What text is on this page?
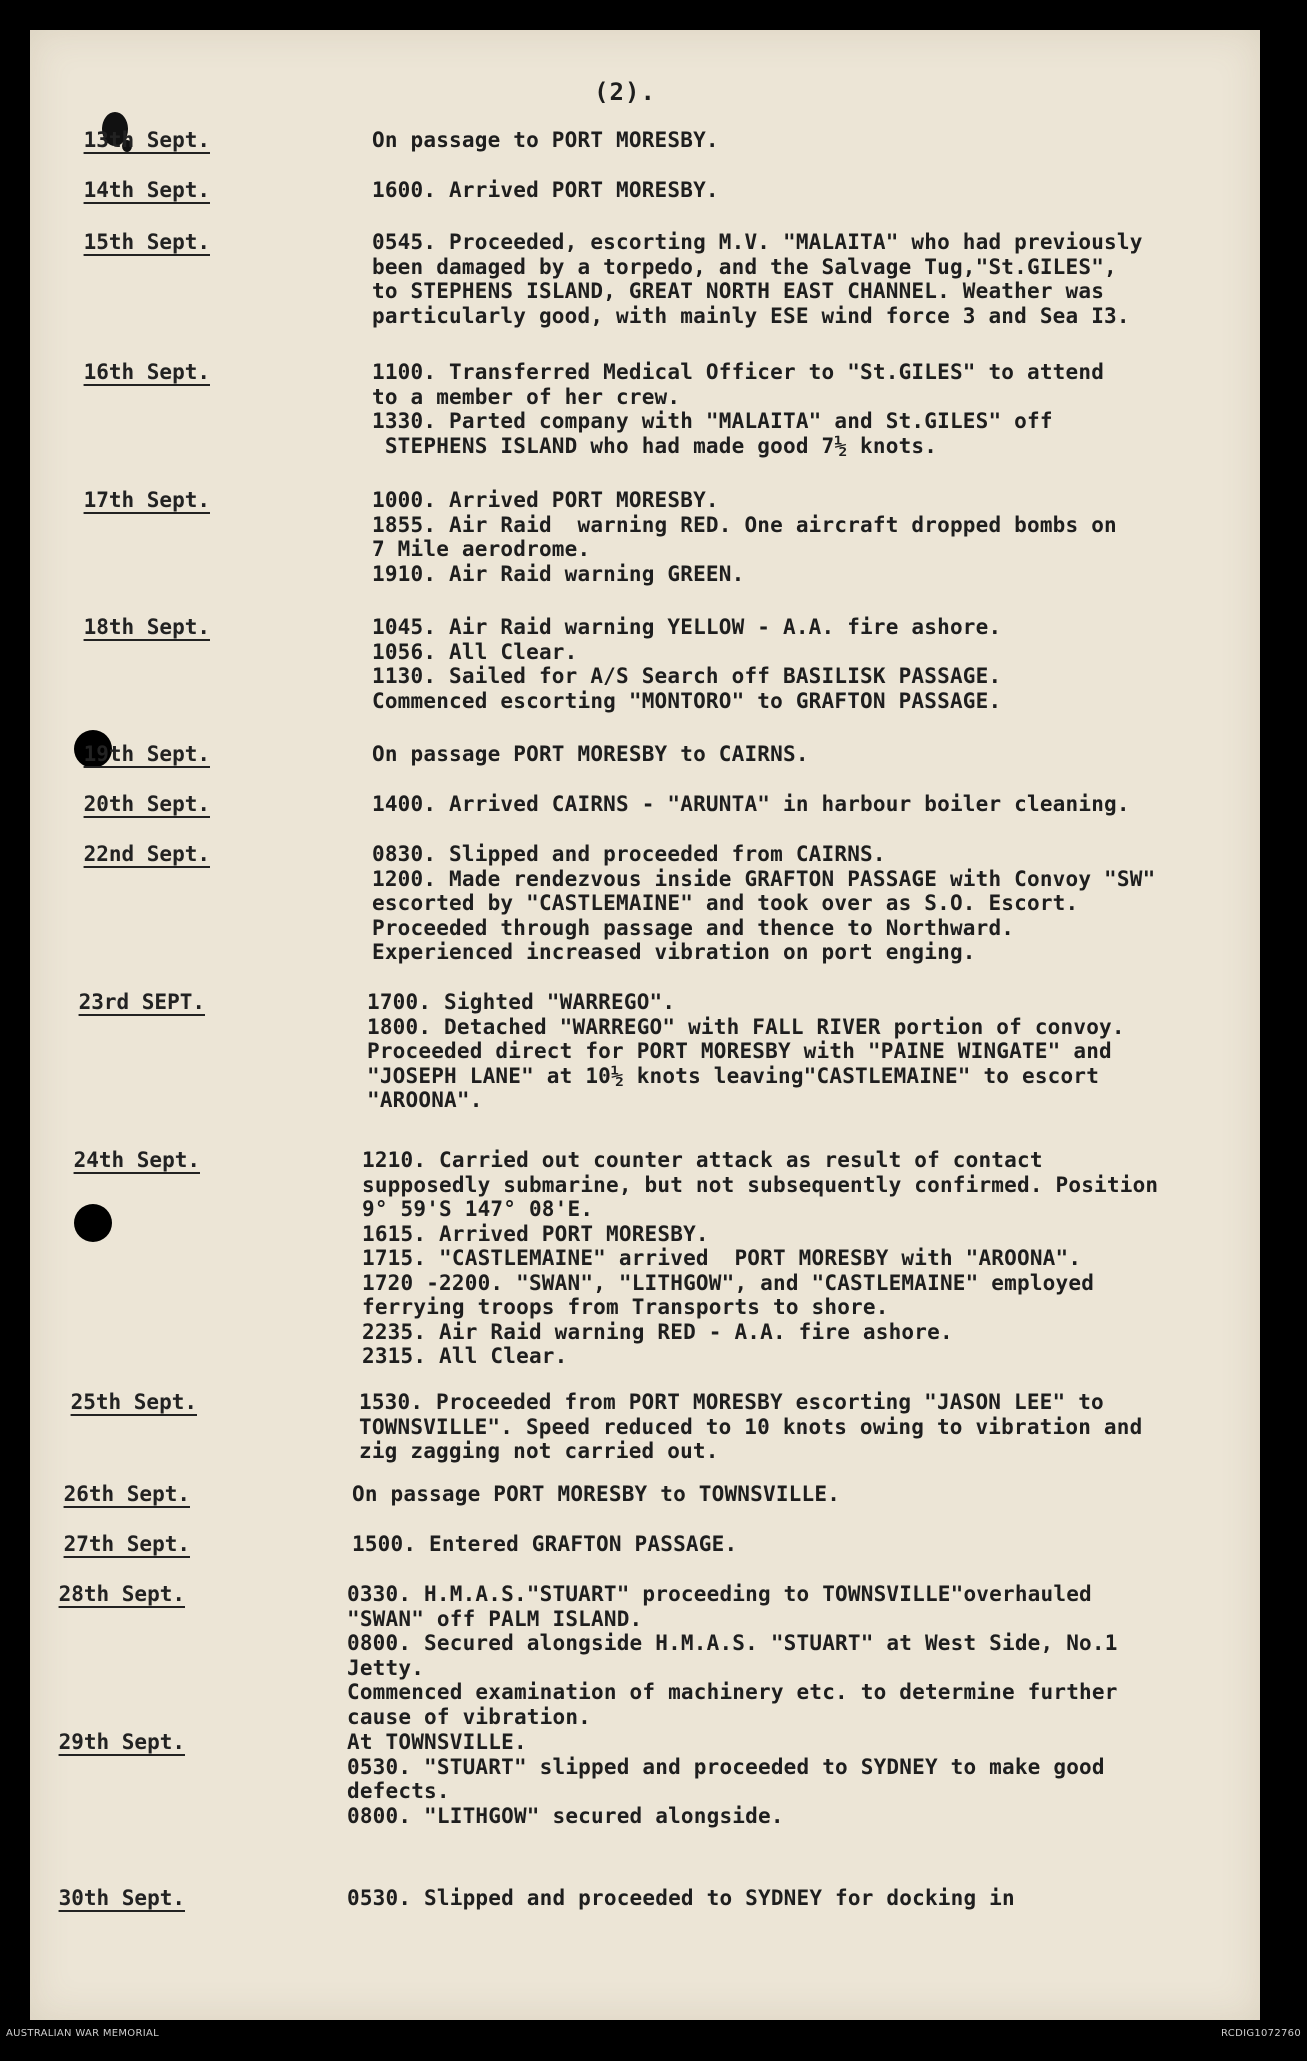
(2).
13th Sept.	On passage to PORT MORESBY.
14th Sept.	1600. Arrived PORT MORESBY.
15th Sept.	0545. Proceeded, escorting M.V. "MALAITA" who had previously
been damaged by a torpedo, and the Salvage Tug,"St.GILES",
to STEPHENS ISLAND, GREAT NORTH EAST CHANNEL. Weather was
particularly good, with mainly ESE wind force 3 and Sea I3.
16th Sept.	1100. Transferred Medical Officer to "St.GILES" to attend
to a member of her crew.
1330. Parted company with "MALAITA" and St.GILES" off
STEPHENS ISLAND who had made good 7½ knots.
17th Sept.	1000. Arrived PORT MORESBY.
1855. Air Raid  warning RED. One aircraft dropped bombs on
7 Mile aerodrome.
1910. Air Raid warning GREEN.
18th Sept.	1045. Air Raid warning YELLOW - A.A. fire ashore.
1056. All Clear.
1130. Sailed for A/S Search off BASILISK PASSAGE.
Commenced escorting "MONTORO" to GRAFTON PASSAGE.
19th Sept.	On passage PORT MORESBY to CAIRNS.
20th Sept.	1400. Arrived CAIRNS - "ARUNTA" in harbour boiler cleaning.
22nd Sept.	0830. Slipped and proceeded from CAIRNS.
1200. Made rendezvous inside GRAFTON PASSAGE with Convoy "SW"
escorted by "CASTLEMAINE" and took over as S.O. Escort.
Proceeded through passage and thence to Northward.
Experienced increased vibration on port enging.
23rd SEPT.	1700. Sighted "WARREGO".
1800. Detached "WARREGO" with FALL RIVER portion of convoy.
Proceeded direct for PORT MORESBY with "PAINE WINGATE" and
"JOSEPH LANE" at 10½ knots leaving"CASTLEMAINE" to escort
"AROONA".
24th Sept.	1210. Carried out counter attack as result of contact
supposedly submarine, but not subsequently confirmed. Position
9° 59'S 147° 08'E.
1615. Arrived PORT MORESBY.
1715. "CASTLEMAINE" arrived  PORT MORESBY with "AROONA".
1720 -2200. "SWAN", "LITHGOW", and "CASTLEMAINE" employed
ferrying troops from Transports to shore.
2235. Air Raid warning RED - A.A. fire ashore.
2315. All Clear.
25th Sept.	1530. Proceeded from PORT MORESBY escorting "JASON LEE" to
TOWNSVILLE". Speed reduced to 10 knots owing to vibration and
zig zagging not carried out.
26th Sept.	On passage PORT MORESBY to TOWNSVILLE.
27th Sept.	1500. Entered GRAFTON PASSAGE.
28th Sept.	0330. H.M.A.S."STUART" proceeding to TOWNSVILLE"overhauled
"SWAN" off PALM ISLAND.
0800. Secured alongside H.M.A.S. "STUART" at West Side, No.1
Jetty.
Commenced examination of machinery etc. to determine further
cause of vibration.
29th Sept.	At TOWNSVILLE.
0530. "STUART" slipped and proceeded to SYDNEY to make good
defects.
0800. "LITHGOW" secured alongside.
30th Sept.	0530. Slipped and proceeded to SYDNEY for docking in
AUSTRALIAN WAR MEMORIAL	RCDIG1072760
